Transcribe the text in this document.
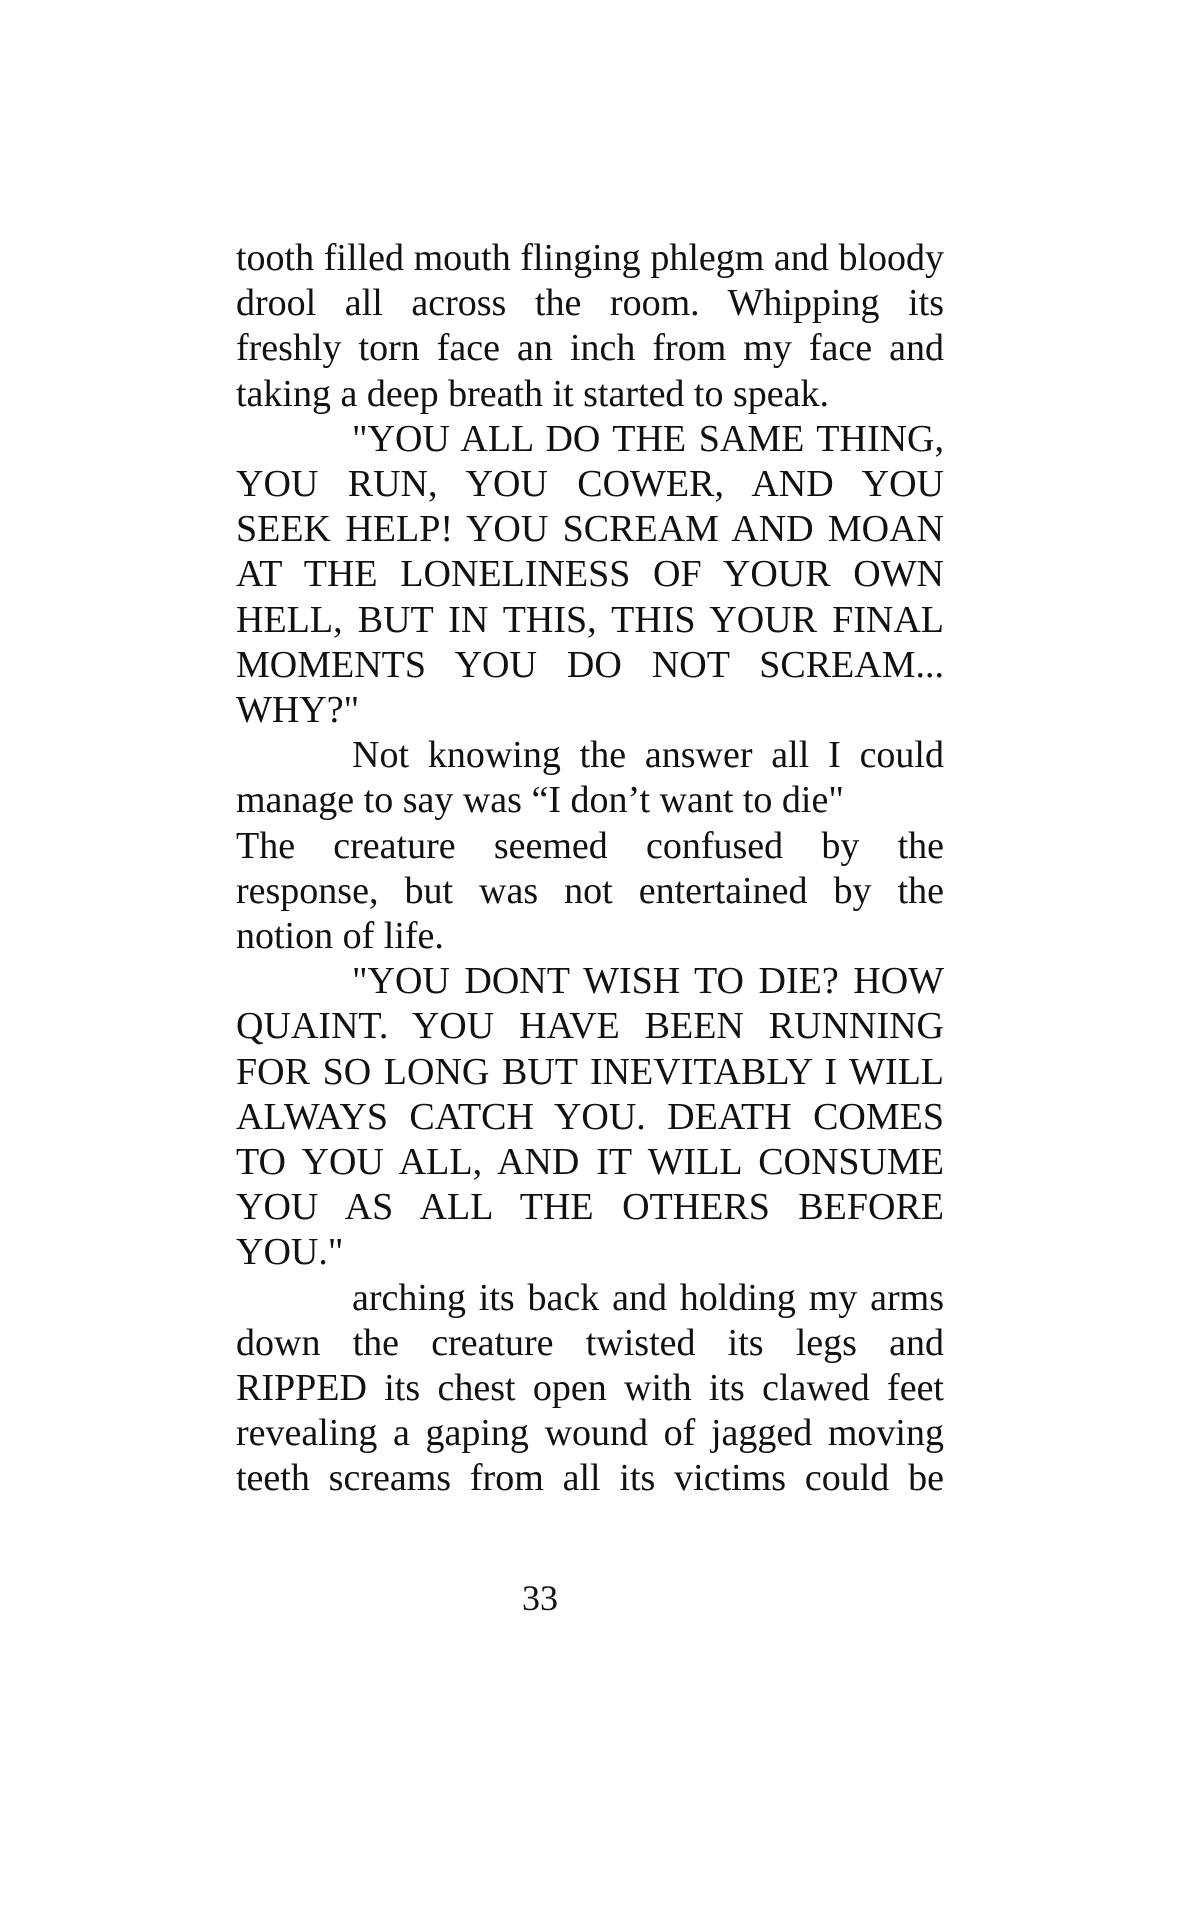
tooth filled mouth flinging phlegm and bloody drool all across the room. Whipping its freshly torn face an inch from my face and taking a deep breath it started to speak.

"YOU ALL DO THE SAME THING, YOU RUN, YOU COWER, AND YOU SEEK HELP! YOU SCREAM AND MOAN AT THE LONELINESS OF YOUR OWN HELL, BUT IN THIS, THIS YOUR FINAL MOMENTS YOU DO NOT SCREAM... WHY?"

Not knowing the answer all I could manage to say was “I don’t want to die"

The creature seemed confused by the response, but was not entertained by the notion of life.

"YOU DONT WISH TO DIE? HOW QUAINT. YOU HAVE BEEN RUNNING FOR SO LONG BUT INEVITABLY I WILL ALWAYS CATCH YOU. DEATH COMES TO YOU ALL, AND IT WILL CONSUME YOU AS ALL THE OTHERS BEFORE YOU."

arching its back and holding my arms down the creature twisted its legs and RIPPED its chest open with its clawed feet revealing a gaping wound of jagged moving teeth screams from all its victims could be

33
